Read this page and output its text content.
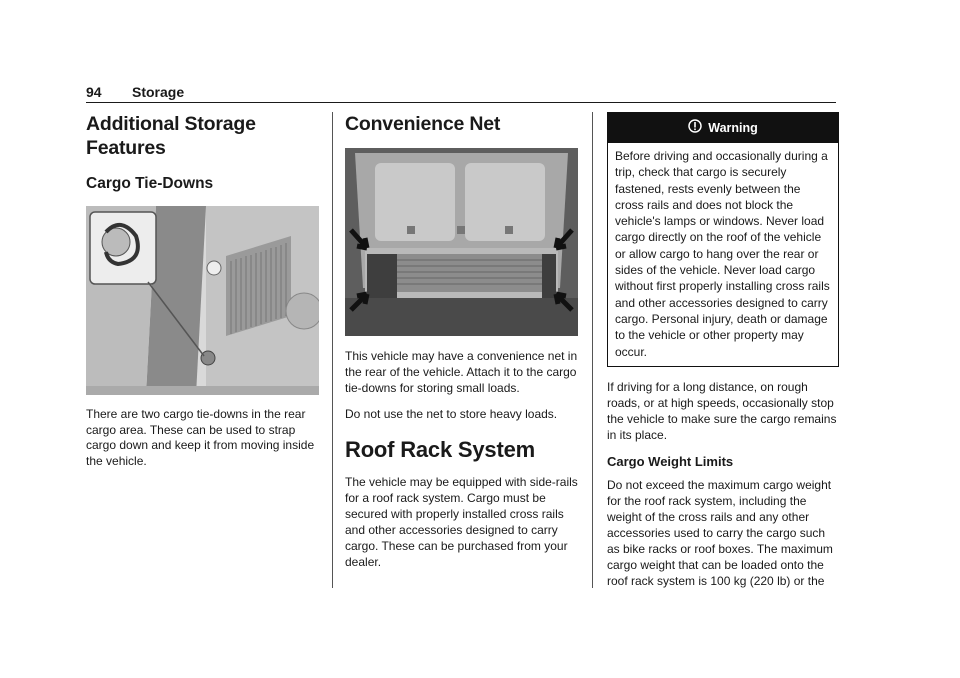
94 Storage
Additional Storage Features
Cargo Tie-Downs
There are two cargo tie-downs in the rear cargo area. These can be used to strap cargo down and keep it from moving inside the vehicle.
Convenience Net

This vehicle may have a convenience net in the rear of the vehicle. Attach it to the cargo tie-downs for storing small loads.

Do not use the net to store heavy loads.

Roof Rack System

The vehicle may be equipped with side-rails for a roof rack system. Cargo must be secured with properly installed cross rails and other accessories designed to carry cargo. These can be purchased from your dealer.

Warning

Before driving and occasionally during a trip, check that cargo is securely fastened, rests evenly between the cross rails and does not block the vehicle's lamps or windows. Never load cargo directly on the roof of the vehicle or allow cargo to hang over the rear or sides of the vehicle. Never load cargo without first properly installing cross rails and other accessories designed to carry cargo. Personal injury, death or damage to the vehicle or other property may occur.

If driving for a long distance, on rough roads, or at high speeds, occasionally stop the vehicle to make sure the cargo remains in its place.

Cargo Weight Limits

Do not exceed the maximum cargo weight for the roof rack system, including the weight of the cross rails and any other accessories used to carry the cargo such as bike racks or roof boxes. The maximum cargo weight that can be loaded onto the roof rack system is 100 kg (220 lb) or the
